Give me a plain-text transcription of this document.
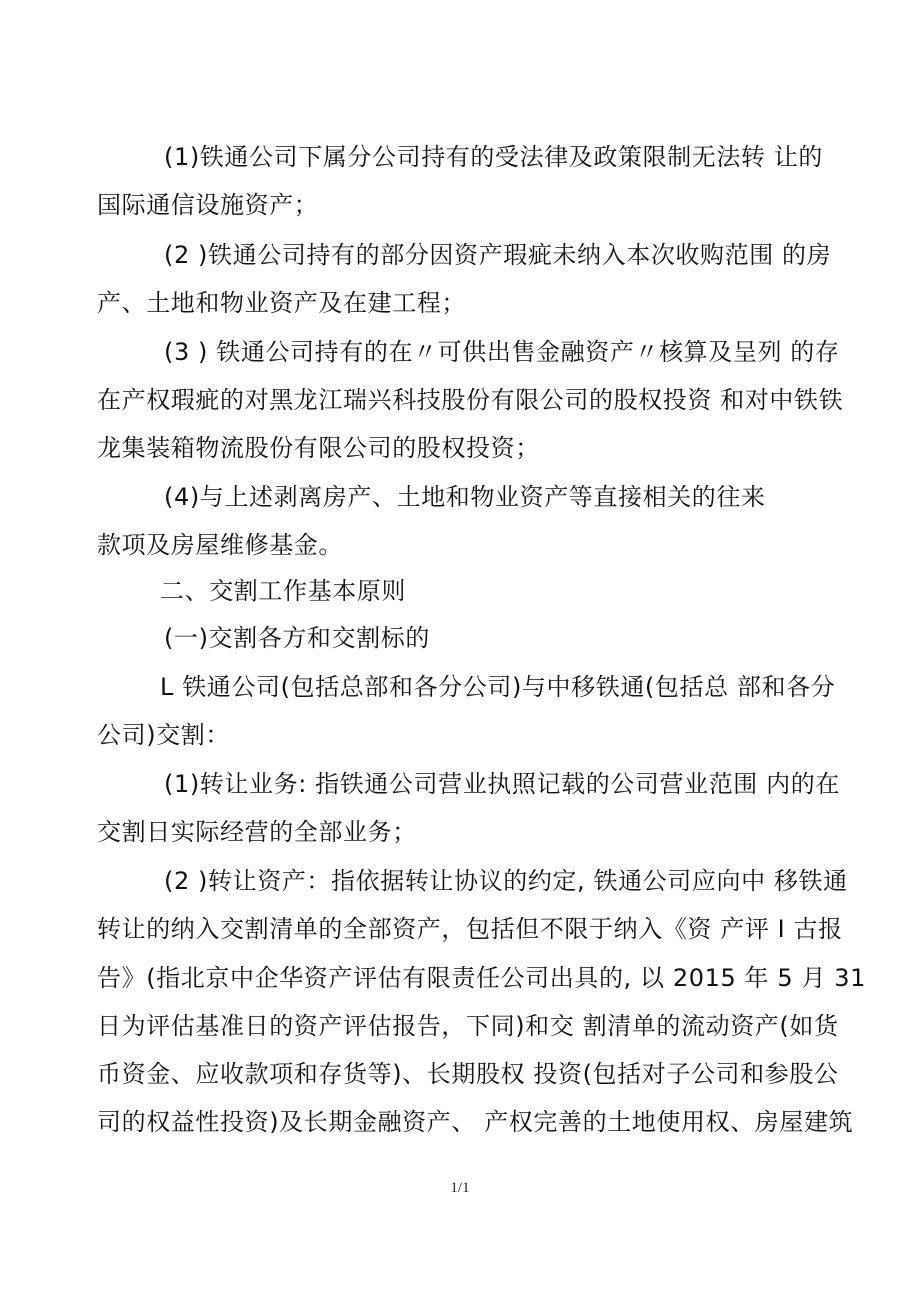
(1)铁通公司下属分公司持有的受法律及政策限制无法转 让的
国际通信设施资产；
(2 )铁通公司持有的部分因资产瑕疵未纳入本次收购范围 的房
产、土地和物业资产及在建工程；
(3 ) 铁通公司持有的在〃可供出售金融资产〃核算及呈列 的存
在产权瑕疵的对黑龙江瑞兴科技股份有限公司的股权投资 和对中铁铁
龙集装箱物流股份有限公司的股权投资；
(4)与上述剥离房产、土地和物业资产等直接相关的往来
款项及房屋维修基金。
二、交割工作基本原则
(一)交割各方和交割标的
L 铁通公司(包括总部和各分公司)与中移铁通(包括总 部和各分
公司)交割：
(1)转让业务: 指铁通公司营业执照记载的公司营业范围 内的在
交割日实际经营的全部业务；
(2 )转让资产：指依据转让协议的约定, 铁通公司应向中 移铁通
转让的纳入交割清单的全部资产，包括但不限于纳入《资 产评 I 古报
告》(指北京中企华资产评估有限责任公司出具的, 以 2015 年 5 月 31
日为评估基准日的资产评估报告，下同)和交 割清单的流动资产(如货
币资金、应收款项和存货等)、长期股权 投资(包括对子公司和参股公
司的权益性投资)及长期金融资产、 产权完善的土地使用权、房屋建筑
1/1
